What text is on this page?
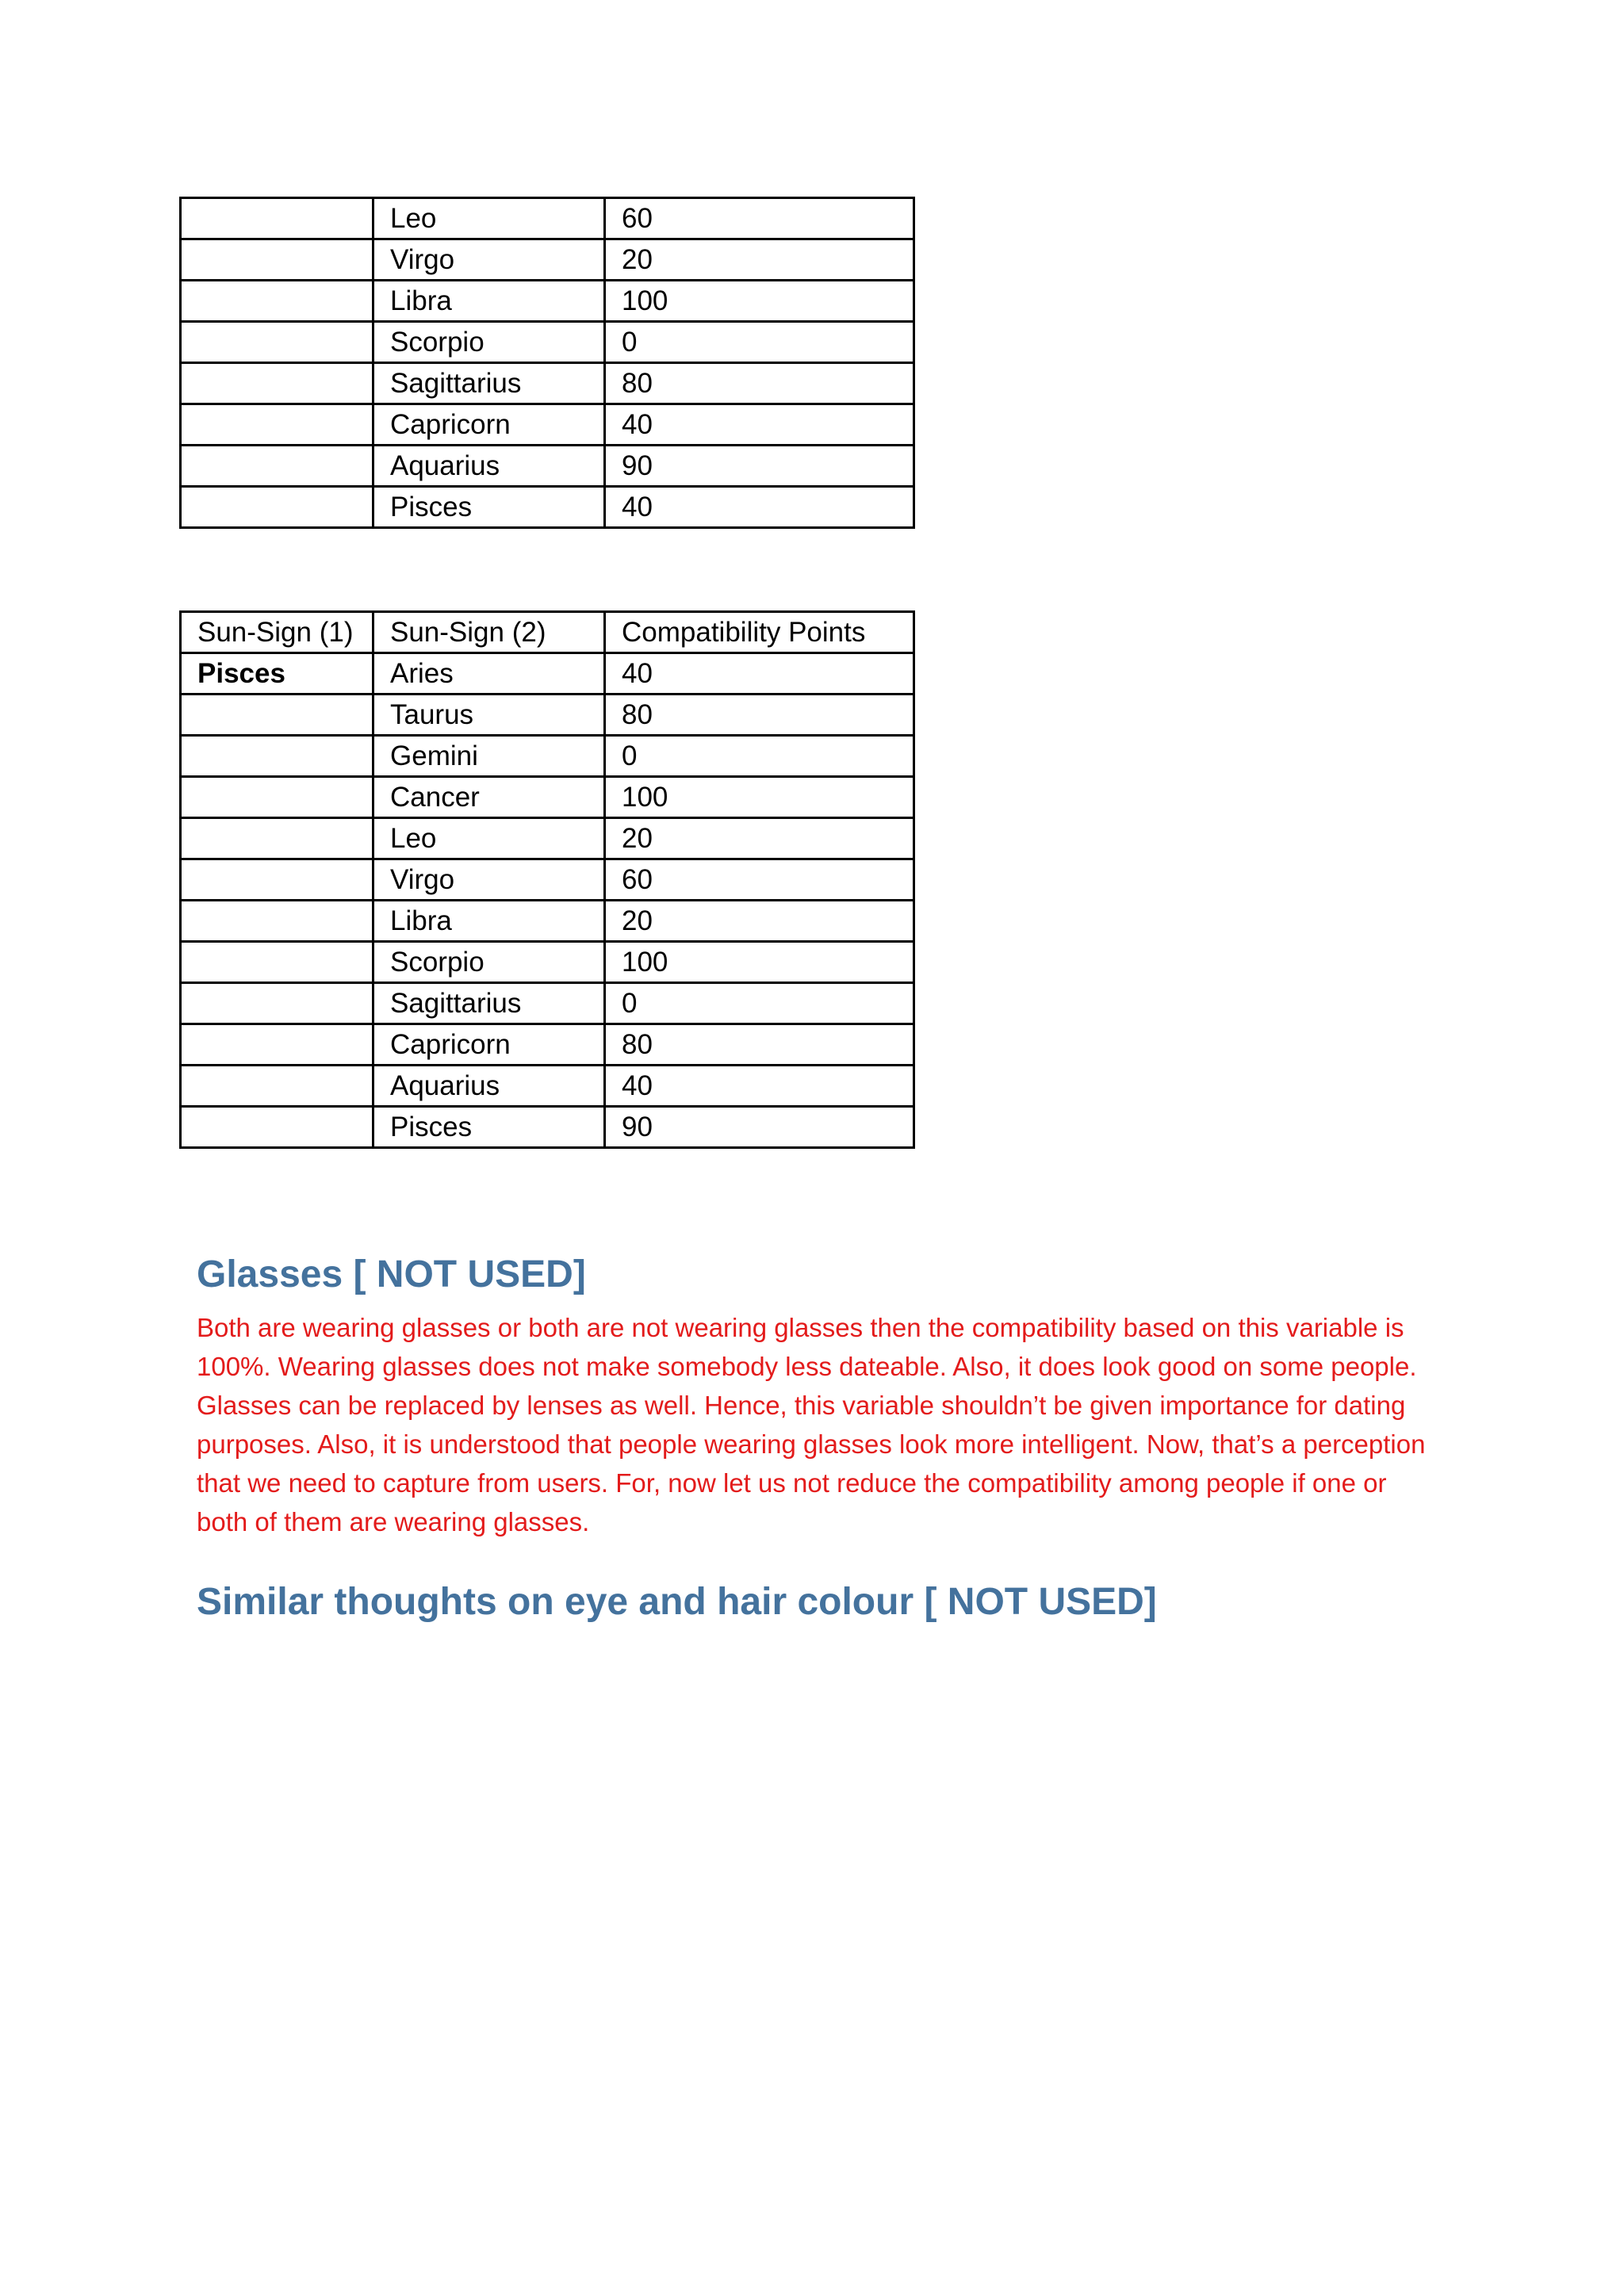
	Leo	60
	Virgo	20
	Libra	100
	Scorpio	0
	Sagittarius	80
	Capricorn	40
	Aquarius	90
	Pisces	40
Sun-Sign (1)	Sun-Sign (2)	Compatibility Points
Pisces	Aries	40
	Taurus	80
	Gemini	0
	Cancer	100
	Leo	20
	Virgo	60
	Libra	20
	Scorpio	100
	Sagittarius	0
	Capricorn	80
	Aquarius	40
	Pisces	90
Glasses [ NOT USED]

Both are wearing glasses or both are not wearing glasses then the compatibility based on this variable is 100%. Wearing glasses does not make somebody less dateable. Also, it does look good on some people. Glasses can be replaced by lenses as well. Hence, this variable shouldn’t be given importance for dating purposes. Also, it is understood that people wearing glasses look more intelligent. Now, that’s a perception that we need to capture from users. For, now let us not reduce the compatibility among people if one or both of them are wearing glasses.

Similar thoughts on eye and hair colour [ NOT USED]
